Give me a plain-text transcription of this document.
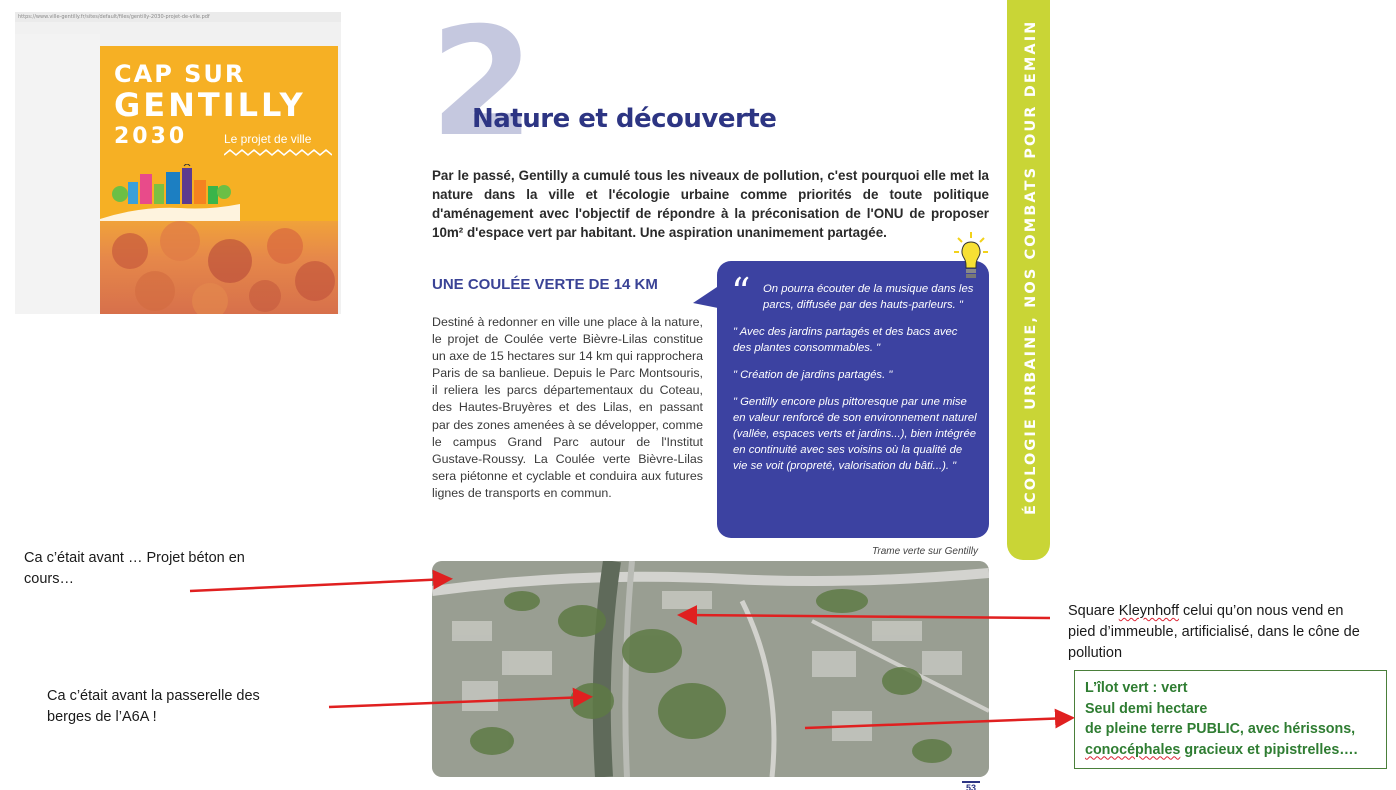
https://www.ville-gentilly.fr/sites/default/files/gentilly-2030-projet-de-ville.pdf
CAP SUR
GENTILLY
2030	Le projet de ville 2
Nature et découverte
Par le passé, Gentilly a cumulé tous les niveaux de pollution, c'est pourquoi elle met la nature dans la ville et l'écologie urbaine comme priorités de toute politique d'aménagement avec l'objectif de répondre à la préconisation de l'ONU de proposer 10m² d'espace vert par habitant. Une aspiration unanimement partagée.
UNE COULÉE VERTE DE 14 KM
Destiné à redonner en ville une place à la nature, le projet de Coulée verte Bièvre-Lilas constitue un axe de 15 hectares sur 14 km qui rapprochera Paris de sa banlieue. Depuis le Parc Montsouris, il reliera les parcs départementaux du Coteau, des Hautes-Bruyères et des Lilas, en passant par des zones amenées à se développer, comme le campus Grand Parc autour de l'Institut Gustave-Roussy. La Coulée verte Bièvre-Lilas sera piétonne et cyclable et conduira aux futures lignes de transports en commun.
“	On pourra écouter de la musique dans les parcs, diffusée par des hauts-parleurs. "

" Avec des jardins partagés et des bacs avec des plantes consommables. "

" Création de jardins partagés. "

" Gentilly encore plus pittoresque par une mise en valeur renforcé de son environnement naturel (vallée, espaces verts et jardins...), bien intégrée en continuité avec ses voisins où la qualité de vie se voit (propreté, valorisation du bâti...). "

Trame verte sur Gentilly
53
ÉCOLOGIE URBAINE, NOS COMBATS POUR DEMAIN
Ca c’était avant … Projet béton en cours…
Ca c’était avant la passerelle des berges de l’A6A !
Square Kleynhoff celui qu’on nous vend en pied d’immeuble, artificialisé, dans le cône de pollution
L’îlot vert : vert
Seul demi hectare
de pleine terre PUBLIC, avec hérissons,
conocéphales gracieux et pipistrelles….
